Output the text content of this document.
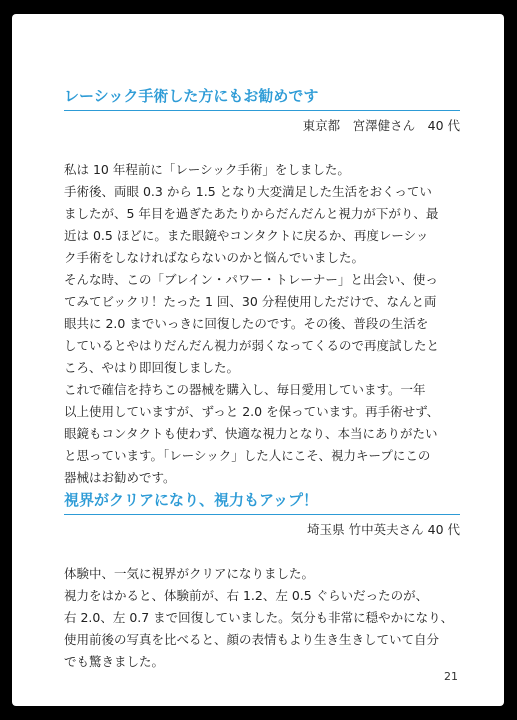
レーシック手術した方にもお勧めです
東京都　宮澤健さん　40 代
私は 10 年程前に「レーシック手術」をしました。
手術後、両眼 0.3 から 1.5 となり大変満足した生活をおくってい
ましたが、5 年目を過ぎたあたりからだんだんと視力が下がり、最
近は 0.5 ほどに。また眼鏡やコンタクトに戻るか、再度レーシッ
ク手術をしなければならないのかと悩んでいました。
そんな時、この「ブレイン・パワー・トレーナー」と出会い、使っ
てみてビックリ！たった 1 回、30 分程使用しただけで、なんと両
眼共に 2.0 までいっきに回復したのです。その後、普段の生活を
しているとやはりだんだん視力が弱くなってくるので再度試したと
ころ、やはり即回復しました。
これで確信を持ちこの器械を購入し、毎日愛用しています。一年
以上使用していますが、ずっと 2.0 を保っています。再手術せず、
眼鏡もコンタクトも使わず、快適な視力となり、本当にありがたい
と思っています。「レーシック」した人にこそ、視力キープにこの
器械はお勧めです。
視界がクリアになり、視力もアップ！
埼玉県 竹中英夫さん 40 代
体験中、一気に視界がクリアになりました。
視力をはかると、体験前が、右 1.2、左 0.5 ぐらいだったのが、
右 2.0、左 0.7 まで回復していました。気分も非常に穏やかになり、
使用前後の写真を比べると、顔の表情もより生き生きしていて自分
でも驚きました。
21
